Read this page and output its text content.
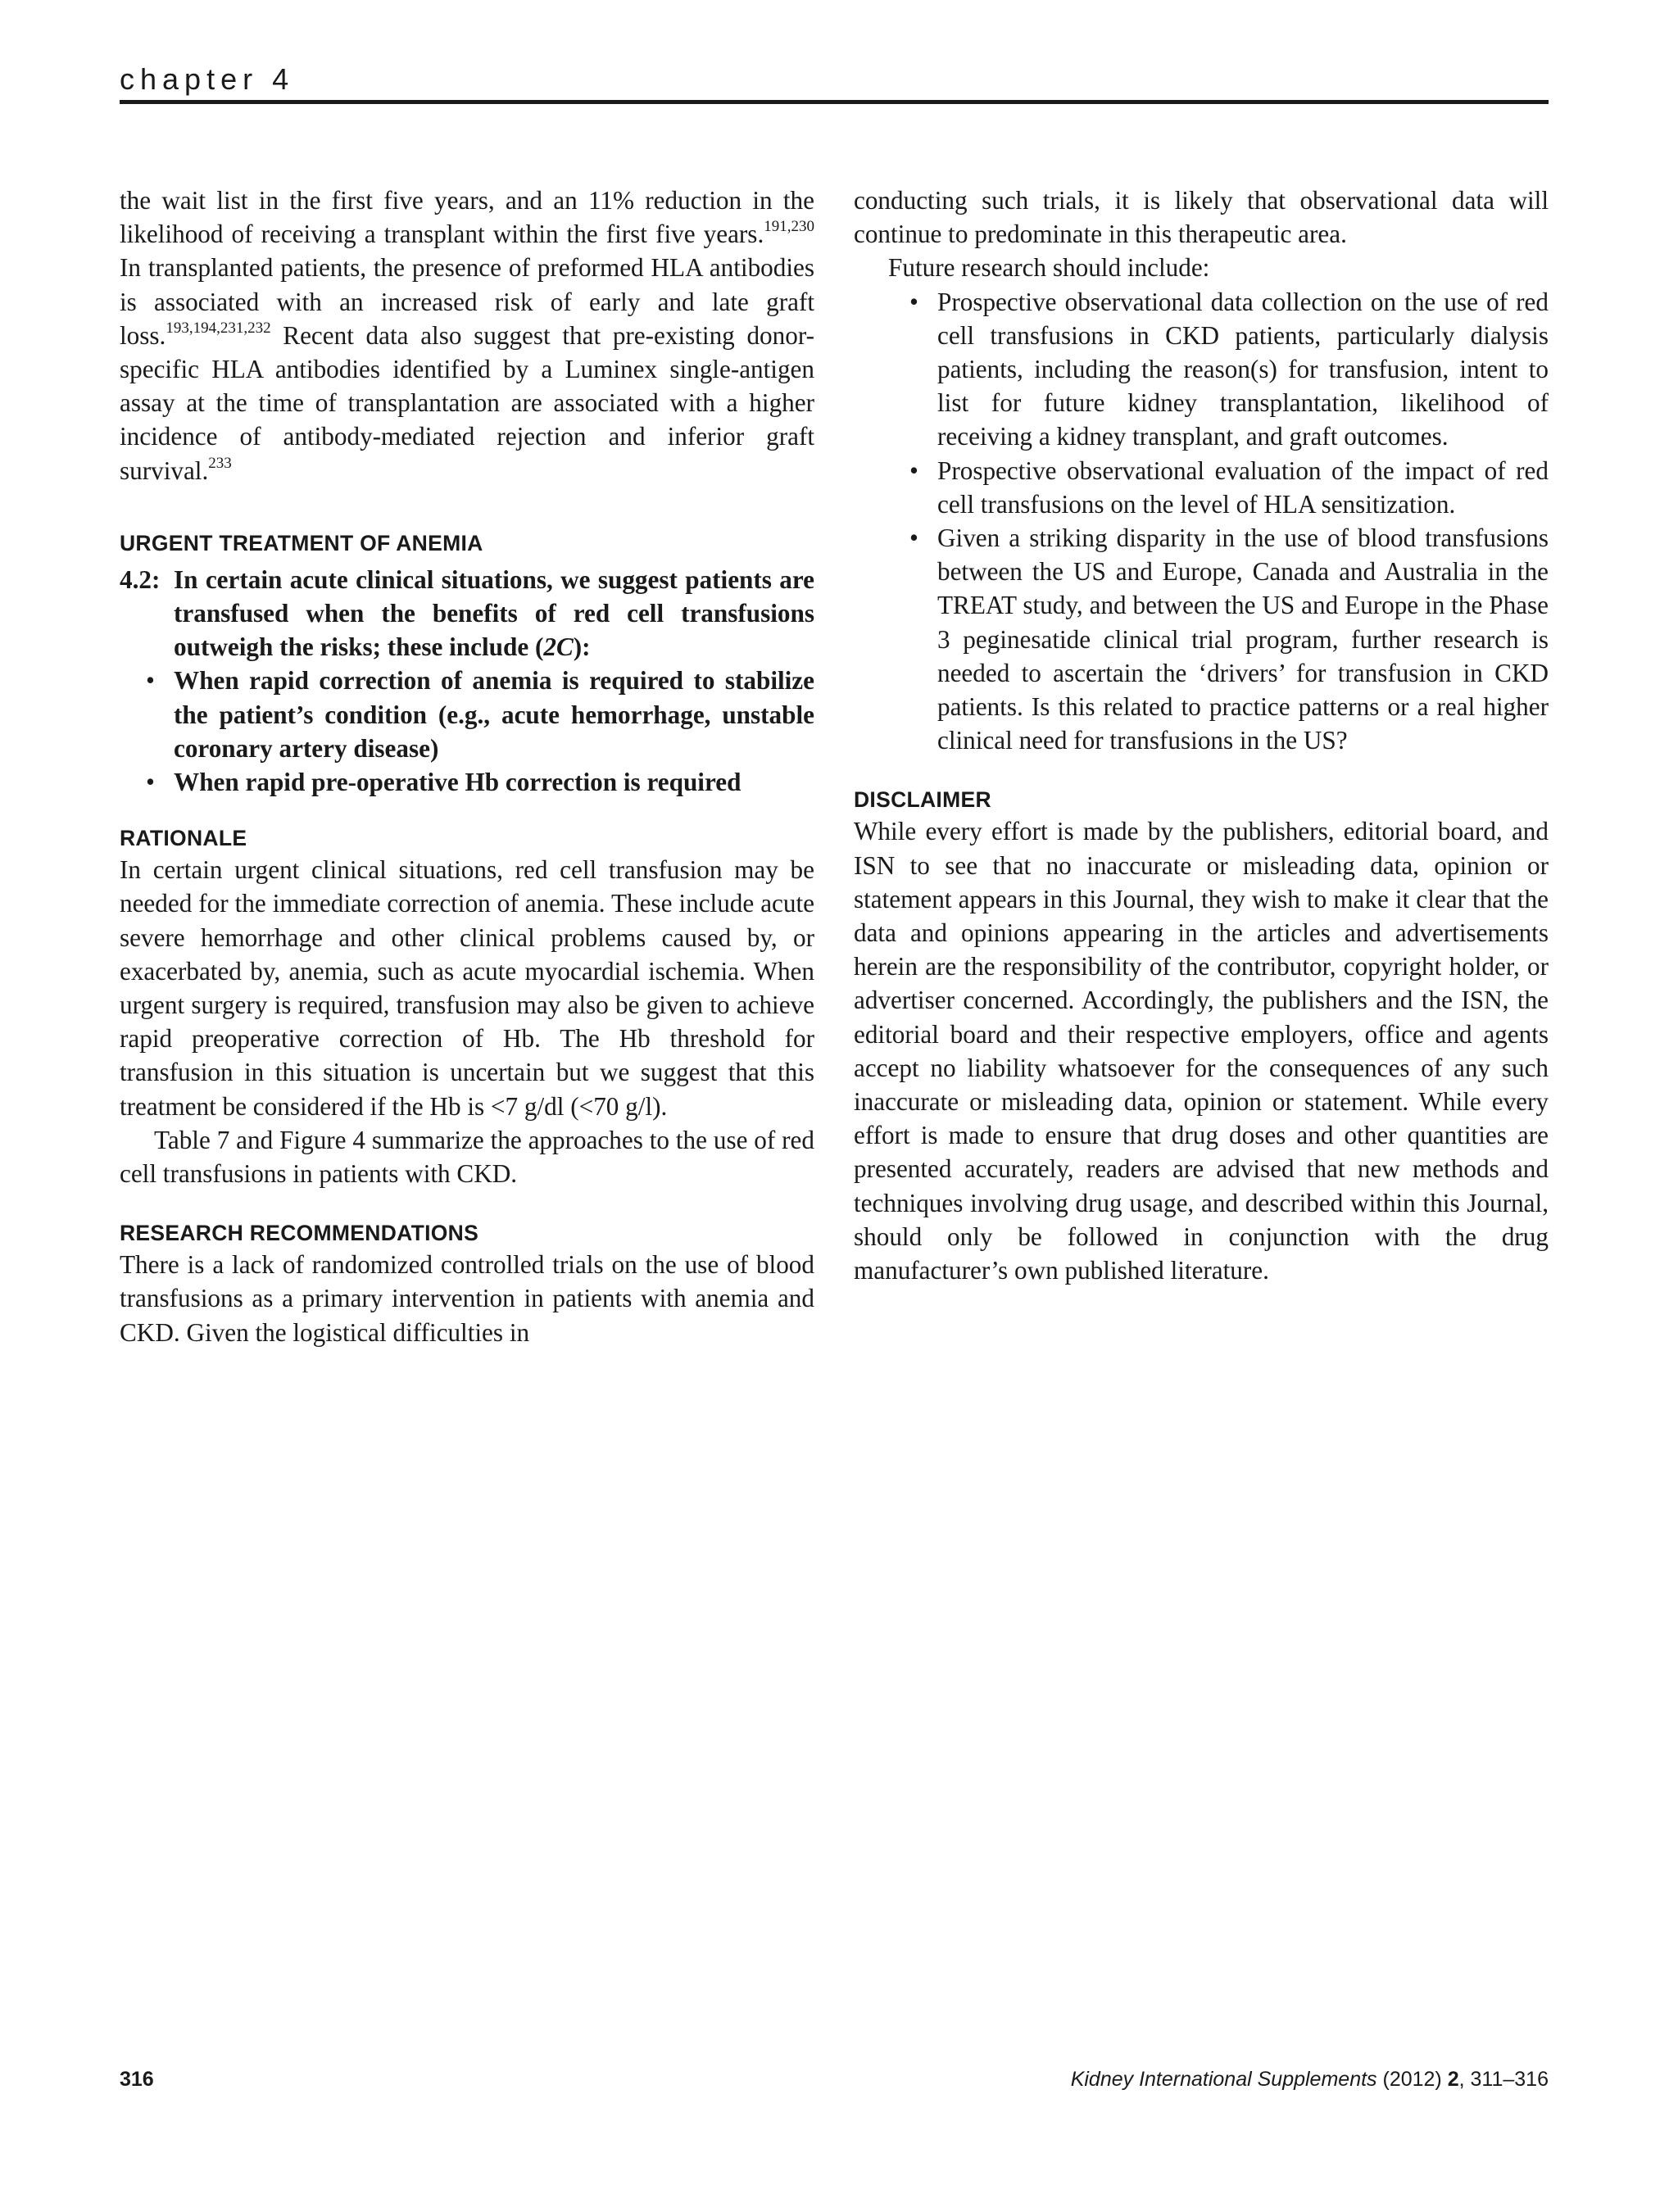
chapter 4

the wait list in the first five years, and an 11% reduction in the likelihood of receiving a transplant within the first five years.$^{191,230}$ In transplanted patients, the presence of preformed HLA antibodies is associated with an increased risk of early and late graft loss.$^{193,194,231,232}$ Recent data also suggest that pre-existing donor-specific HLA antibodies identified by a Luminex single-antigen assay at the time of transplantation are associated with a higher incidence of antibody-mediated rejection and inferior graft survival.$^{233}$

URGENT TREATMENT OF ANEMIA
4.2: In certain acute clinical situations, we suggest patients are transfused when the benefits of red cell transfusions outweigh the risks; these include (2C):
• When rapid correction of anemia is required to stabilize the patient’s condition (e.g., acute hemorrhage, unstable coronary artery disease)
• When rapid pre-operative Hb correction is required
RATIONALE

In certain urgent clinical situations, red cell transfusion may be needed for the immediate correction of anemia. These include acute severe hemorrhage and other clinical problems caused by, or exacerbated by, anemia, such as acute myocardial ischemia. When urgent surgery is required, transfusion may also be given to achieve rapid preoperative correction of Hb. The Hb threshold for transfusion in this situation is uncertain but we suggest that this treatment be considered if the Hb is <7 g/dl (<70 g/l).

Table 7 and Figure 4 summarize the approaches to the use of red cell transfusions in patients with CKD.

RESEARCH RECOMMENDATIONS

There is a lack of randomized controlled trials on the use of blood transfusions as a primary intervention in patients with anemia and CKD. Given the logistical difficulties in

conducting such trials, it is likely that observational data will continue to predominate in this therapeutic area.

Future research should include:

• Prospective observational data collection on the use of red cell transfusions in CKD patients, particularly dialysis patients, including the reason(s) for transfusion, intent to list for future kidney transplantation, likelihood of receiving a kidney transplant, and graft outcomes.
• Prospective observational evaluation of the impact of red cell transfusions on the level of HLA sensitization.
• Given a striking disparity in the use of blood transfusions between the US and Europe, Canada and Australia in the TREAT study, and between the US and Europe in the Phase 3 peginesatide clinical trial program, further research is needed to ascertain the ‘drivers’ for transfusion in CKD patients. Is this related to practice patterns or a real higher clinical need for transfusions in the US?
DISCLAIMER

While every effort is made by the publishers, editorial board, and ISN to see that no inaccurate or misleading data, opinion or statement appears in this Journal, they wish to make it clear that the data and opinions appearing in the articles and advertisements herein are the responsibility of the contributor, copyright holder, or advertiser concerned. Accordingly, the publishers and the ISN, the editorial board and their respective employers, office and agents accept no liability whatsoever for the consequences of any such inaccurate or misleading data, opinion or statement. While every effort is made to ensure that drug doses and other quantities are presented accurately, readers are advised that new methods and techniques involving drug usage, and described within this Journal, should only be followed in conjunction with the drug manufacturer’s own published literature.

316	Kidney International Supplements (2012) 2, 311–316
